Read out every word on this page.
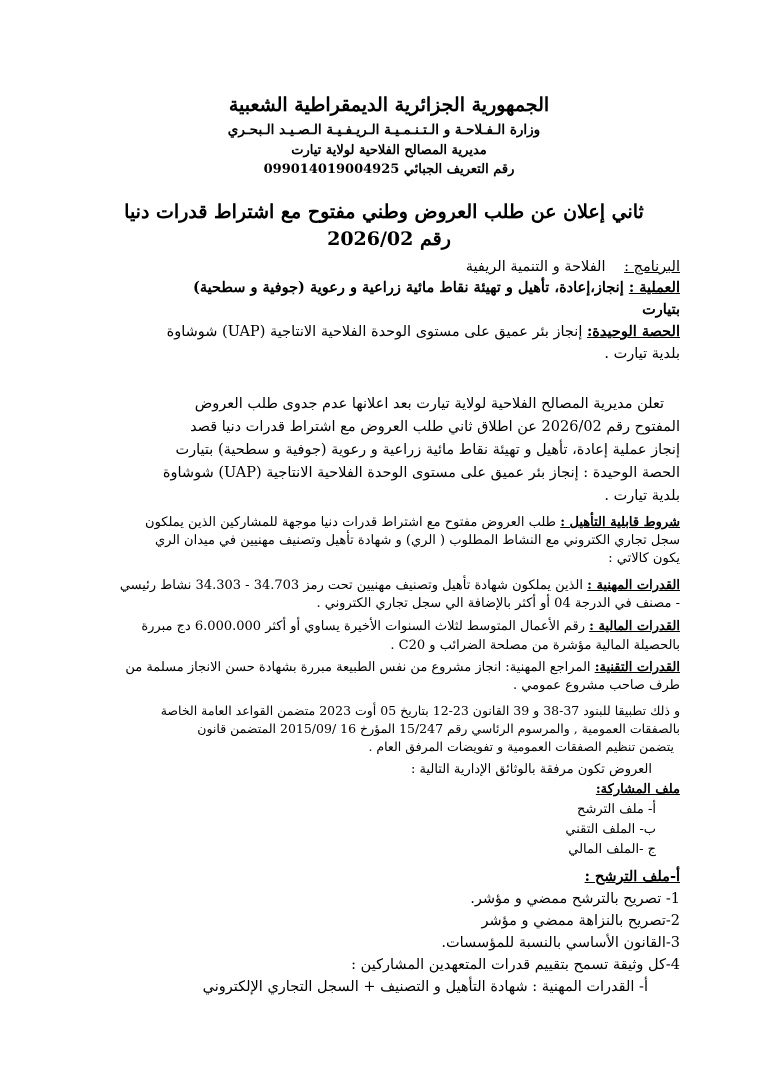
الجمهورية الجزائرية الديمقراطية الشعبية
وزارة الـفـلاحـة و الـتـنـمـيـة الـريـفـيـة الـصـيـد الـبحـري
مديرية المصالح الفلاحية لولاية تيارت
رقم التعريف الجبائي 099014019004925
ثاني إعلان عن طلب العروض وطني مفتوح مع اشتراط قدرات دنيا
رقم 2026/02
البرنامج : الفلاحة و التنمية الريفية
العملية : إنجاز،إعادة، تأهيل و تهيئة نقاط مائية زراعية و رعوية (جوفية و سطحية)
بتيارت
الحصة الوحيدة: إنجاز بئر عميق على مستوى الوحدة الفلاحية الانتاجية (UAP) شوشاوة
بلدية تيارت .
تعلن مديرية المصالح الفلاحية لولاية تيارت بعد اعلانها عدم جدوى طلب العروض
المفتوح رقم 2026/02 عن اطلاق ثاني طلب العروض مع اشتراط قدرات دنيا قصد
إنجاز عملية إعادة، تأهيل و تهيئة نقاط مائية زراعية و رعوية (جوفية و سطحية) بتيارت
الحصة الوحيدة : إنجاز بئر عميق على مستوى الوحدة الفلاحية الانتاجية (UAP) شوشاوة
بلدية تيارت .
شروط قابلية التأهيل : طلب العروض مفتوح مع اشتراط قدرات دنيا موجهة للمشاركين الذين يملكون
سجل تجاري الكتروني مع النشاط المطلوب ( الري) و شهادة تأهيل وتصنيف مهنيين في ميدان الري
يكون كالاتي :
القدرات المهنية : الذين يملكون شهادة تأهيل وتصنيف مهنيين تحت رمز 34.703 - 34.303 نشاط رئيسي
- مصنف في الدرجة 04 أو أكثر بالإضافة الي سجل تجاري الكتروني .
القدرات المالية : رقم الأعمال المتوسط لثلاث السنوات الأخيرة يساوي أو أكثر 6.000.000 دج مبررة
بالحصيلة المالية مؤشرة من مصلحة الضرائب و C20 .
القدرات التقنية: المراجع المهنية: انجاز مشروع من نفس الطبيعة مبررة بشهادة حسن الانجاز مسلمة من
طرف صاحب مشروع عمومي .
و ذلك تطبيقا للبنود 37-38 و 39 القانون 23-12 بتاريخ 05 أوت 2023 متضمن القواعد العامة الخاصة
بالصفقات العمومية , والمرسوم الرئاسي رقم 15/247 المؤرخ 16 /2015/09 المتضمن قانون
يتضمن تنظيم الصفقات العمومية و تفويضات المرفق العام .
العروض تكون مرفقة بالوثائق الإدارية التالية :
ملف المشاركة:
أ- ملف الترشح
ب- الملف التقني
ج -الملف المالي
أ-ملف الترشح :
1- تصريح بالترشح ممضي و مؤشر.
2-تصريح بالنزاهة ممضي و مؤشر
3-القانون الأساسي بالنسبة للمؤسسات.
4-كل وثيقة تسمح بتقييم قدرات المتعهدين المشاركين :
أ- القدرات المهنية : شهادة التأهيل و التصنيف + السجل التجاري الإلكتروني
